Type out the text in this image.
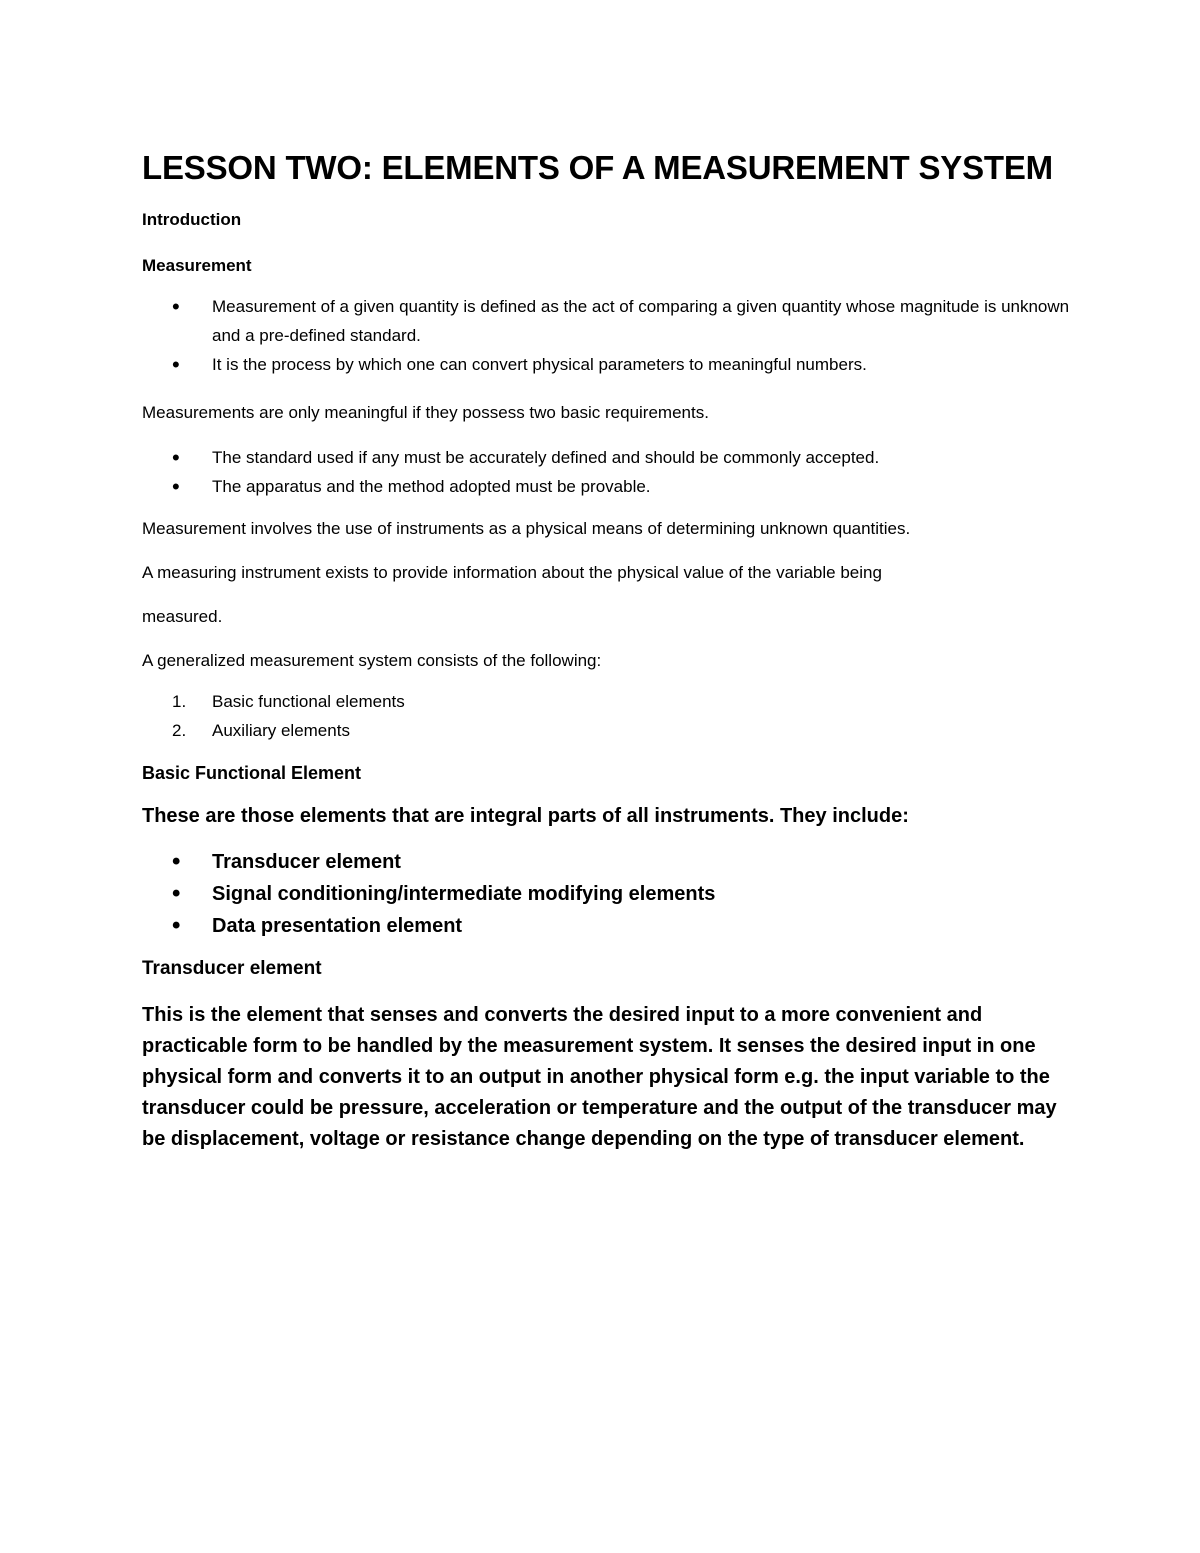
LESSON TWO: ELEMENTS OF A MEASUREMENT SYSTEM
Introduction
Measurement
• Measurement of a given quantity is defined as the act of comparing a given quantity whose magnitude is unknown and a pre-defined standard.
• It is the process by which one can convert physical parameters to meaningful numbers.

Measurements are only meaningful if they possess two basic requirements.

• The standard used if any must be accurately defined and should be commonly accepted.
• The apparatus and the method adopted must be provable.

Measurement involves the use of instruments as a physical means of determining unknown quantities.

A measuring instrument exists to provide information about the physical value of the variable being

measured.

A generalized measurement system consists of the following:

1. Basic functional elements
2. Auxiliary elements
Basic Functional Element

These are those elements that are integral parts of all instruments. They include:

• Transducer element
• Signal conditioning/intermediate modifying elements
• Data presentation element
Transducer element

This is the element that senses and converts the desired input to a more convenient and practicable form to be handled by the measurement system. It senses the desired input in one physical form and converts it to an output in another physical form e.g. the input variable to the transducer could be pressure, acceleration or temperature and the output of the transducer may be displacement, voltage or resistance change depending on the type of transducer element.
